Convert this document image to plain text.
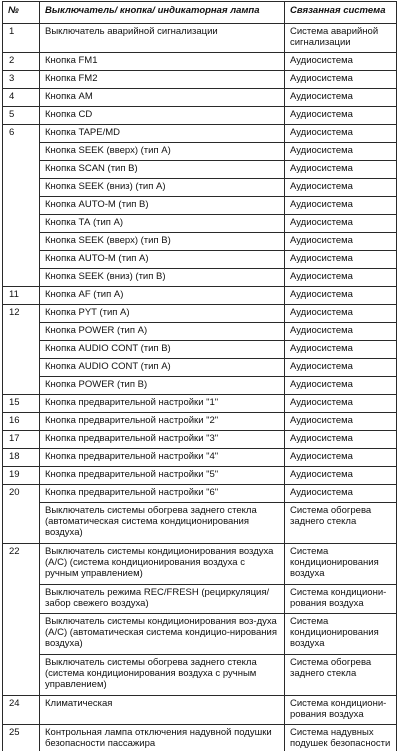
№	Выключатель/ кнопка/ индикаторная лампа	Связанная система
1	Выключатель аварийной сигнализации	Система аварийной сигнализации
2	Кнопка FM1	Аудиосистема
3	Кнопка FM2	Аудиосистема
4	Кнопка AM	Аудиосистема
5	Кнопка CD	Аудиосистема
6	Кнопка TAPE/MD	Аудиосистема
	Кнопка SEEK (вверх) (тип А)	Аудиосистема
	Кнопка SCAN (тип В)	Аудиосистема
	Кнопка SEEK (вниз) (тип А)	Аудиосистема
	Кнопка AUTO-M (тип В)	Аудиосистема
	Кнопка ТА (тип А)	Аудиосистема
	Кнопка SEEK (вверх) (тип В)	Аудиосистема
	Кнопка AUTO-M (тип А)	Аудиосистема
	Кнопка SEEK (вниз) (тип В)	Аудиосистема
11	Кнопка AF (тип А)	Аудиосистема
12	Кнопка PYT (тип А)	Аудиосистема
	Кнопка POWER (тип А)	Аудиосистема
	Кнопка AUDIO CONT (тип В)	Аудиосистема
	Кнопка AUDIO CONT (тип А)	Аудиосистема
	Кнопка POWER (тип В)	Аудиосистема
15	Кнопка предварительной настройки "1"	Аудиосистема
16	Кнопка предварительной настройки "2"	Аудиосистема
17	Кнопка предварительной настройки "3"	Аудиосистема
18	Кнопка предварительной настройки "4"	Аудиосистема
19	Кнопка предварительной настройки "5"	Аудиосистема
20	Кнопка предварительной настройки "6"	Аудиосистема
	Выключатель системы обогрева заднего стекла (автоматическая система кондиционирования воздуха)	Система обогрева заднего стекла
22	Выключатель системы кондиционирования воздуха (A/C) (система кондиционирования воздуха с ручным управлением)	Система кондиционирования воздуха
	Выключатель режима REC/FRESH (рециркуляция/забор свежего воздуха)	Система кондициони-рования воздуха
	Выключатель системы кондиционирования воз-духа (A/C) (автоматическая система кондицио-нирования воздуха)	Система кондиционирования воздуха
	Выключатель системы обогрева заднего стекла (система кондиционирования воздуха с ручным управлением)	Система обогрева заднего стекла
24	Климатическая	Система кондициони-рования воздуха
25	Контрольная лампа отключения надувной подушки безопасности пассажира	Система надувных подушек безопасности
